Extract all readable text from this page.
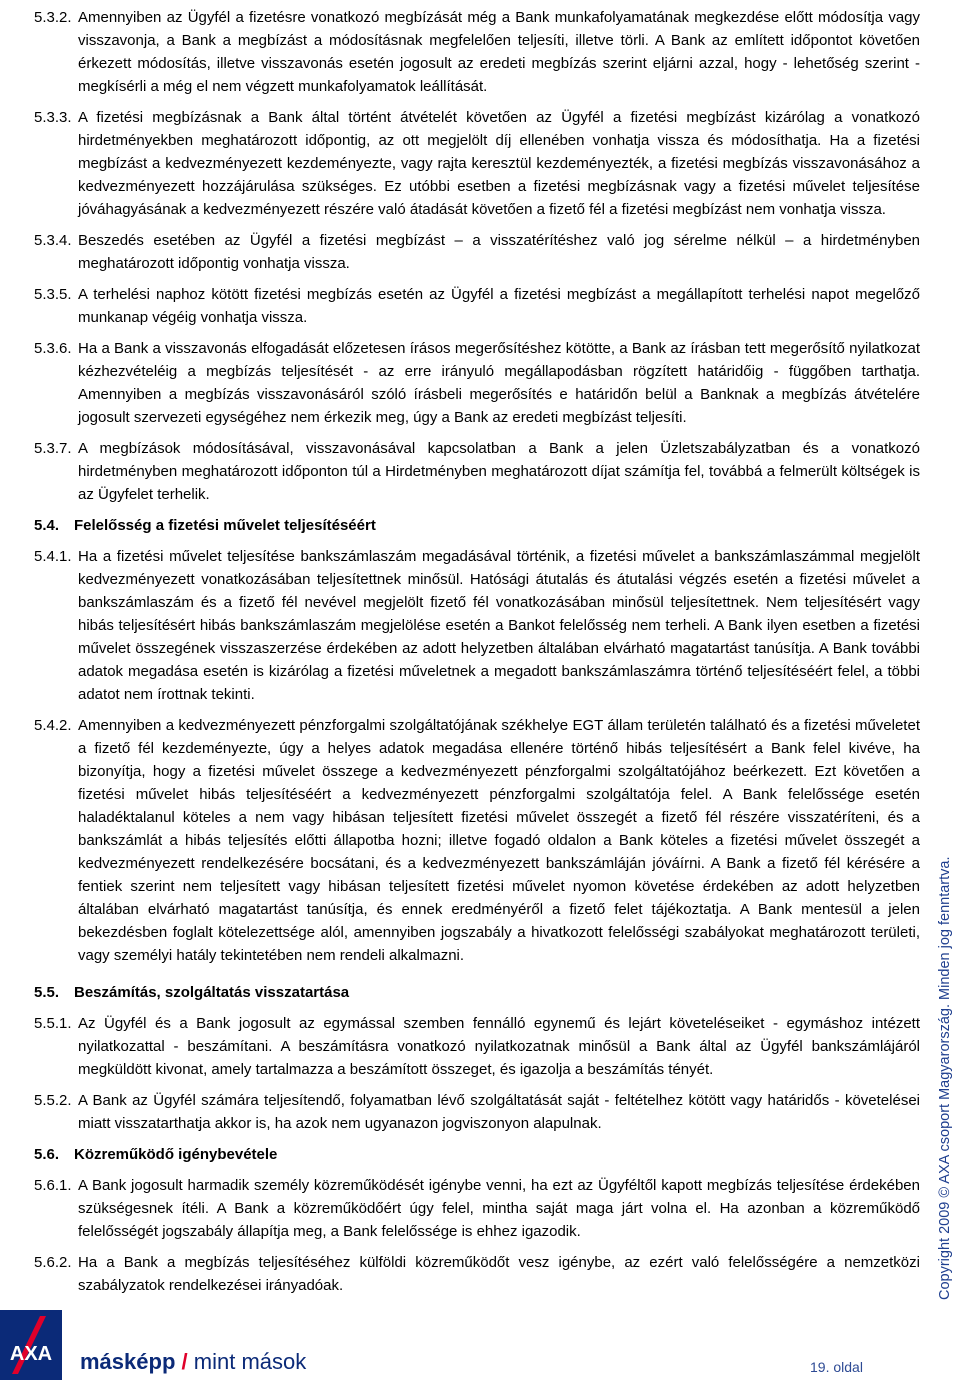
5.3.2. Amennyiben az Ügyfél a fizetésre vonatkozó megbízását még a Bank munkafolyamatának megkezdése előtt módosítja vagy visszavonja, a Bank a megbízást a módosításnak megfelelően teljesíti, illetve törli. A Bank az említett időpontot követően érkezett módosítás, illetve visszavonás esetén jogosult az eredeti megbízás szerint eljárni azzal, hogy - lehetőség szerint - megkísérli a még el nem végzett munkafolyamatok leállítását.
5.3.3. A fizetési megbízásnak a Bank által történt átvételét követően az Ügyfél a fizetési megbízást kizárólag a vonatkozó hirdetményekben meghatározott időpontig, az ott megjelölt díj ellenében vonhatja vissza és módosíthatja. Ha a fizetési megbízást a kedvezményezett kezdeményezte, vagy rajta keresztül kezdeményezték, a fizetési megbízás visszavonásához a kedvezményezett hozzájárulása szükséges. Ez utóbbi esetben a fizetési megbízásnak vagy a fizetési művelet teljesítése jóváhagyásának a kedvezményezett részére való átadását követően a fizető fél a fizetési megbízást nem vonhatja vissza.
5.3.4. Beszedés esetében az Ügyfél a fizetési megbízást – a visszatérítéshez való jog sérelme nélkül – a hirdetményben meghatározott időpontig vonhatja vissza.
5.3.5. A terhelési naphoz kötött fizetési megbízás esetén az Ügyfél a fizetési megbízást a megállapított terhelési napot megelőző munkanap végéig vonhatja vissza.
5.3.6. Ha a Bank a visszavonás elfogadását előzetesen írásos megerősítéshez kötötte, a Bank az írásban tett megerősítő nyilatkozat kézhezvételéig a megbízás teljesítését - az erre irányuló megállapodásban rögzített határidőig - függőben tarthatja. Amennyiben a megbízás visszavonásáról szóló írásbeli megerősítés e határidőn belül a Banknak a megbízás átvételére jogosult szervezeti egységéhez nem érkezik meg, úgy a Bank az eredeti megbízást teljesíti.
5.3.7. A megbízások módosításával, visszavonásával kapcsolatban a Bank a jelen Üzletszabályzatban és a vonatkozó hirdetményben meghatározott időponton túl a Hirdetményben meghatározott díjat számítja fel, továbbá a felmerült költségek is az Ügyfelet terhelik.
5.4. Felelősség a fizetési művelet teljesítéséért
5.4.1. Ha a fizetési művelet teljesítése bankszámlaszám megadásával történik, a fizetési művelet a bankszámlaszámmal megjelölt kedvezményezett vonatkozásában teljesítettnek minősül. Hatósági átutalás és átutalási végzés esetén a fizetési művelet a bankszámlaszám és a fizető fél nevével megjelölt fizető fél vonatkozásában minősül teljesítettnek. Nem teljesítésért vagy hibás teljesítésért hibás bankszámlaszám megjelölése esetén a Bankot felelősség nem terheli. A Bank ilyen esetben a fizetési művelet összegének visszaszerzése érdekében az adott helyzetben általában elvárható magatartást tanúsítja. A Bank további adatok megadása esetén is kizárólag a fizetési műveletnek a megadott bankszámlaszámra történő teljesítéséért felel, a többi adatot nem írottnak tekinti.
5.4.2. Amennyiben a kedvezményezett pénzforgalmi szolgáltatójának székhelye EGT állam területén található és a fizetési műveletet a fizető fél kezdeményezte, úgy a helyes adatok megadása ellenére történő hibás teljesítésért a Bank felel kivéve, ha bizonyítja, hogy a fizetési művelet összege a kedvezményezett pénzforgalmi szolgáltatójához beérkezett. Ezt követően a fizetési művelet hibás teljesítéséért a kedvezményezett pénzforgalmi szolgáltatója felel. A Bank felelőssége esetén haladéktalanul köteles a nem vagy hibásan teljesített fizetési művelet összegét a fizető fél részére visszatéríteni, és a bankszámlát a hibás teljesítés előtti állapotba hozni; illetve fogadó oldalon a Bank köteles a fizetési művelet összegét a kedvezményezett rendelkezésére bocsátani, és a kedvezményezett bankszámláján jóváírni. A Bank a fizető fél kérésére a fentiek szerint nem teljesített vagy hibásan teljesített fizetési művelet nyomon követése érdekében az adott helyzetben általában elvárható magatartást tanúsítja, és ennek eredményéről a fizető felet tájékoztatja. A Bank mentesül a jelen bekezdésben foglalt kötelezettsége alól, amennyiben jogszabály a hivatkozott felelősségi szabályokat meghatározott területi, vagy személyi hatály tekintetében nem rendeli alkalmazni.
5.5. Beszámítás, szolgáltatás visszatartása
5.5.1. Az Ügyfél és a Bank jogosult az egymással szemben fennálló egynemű és lejárt követeléseiket - egymáshoz intézett nyilatkozattal - beszámítani. A beszámításra vonatkozó nyilatkozatnak minősül a Bank által az Ügyfél bankszámlájáról megküldött kivonat, amely tartalmazza a beszámított összeget, és igazolja a beszámítás tényét.
5.5.2. A Bank az Ügyfél számára teljesítendő, folyamatban lévő szolgáltatását saját - feltételhez kötött vagy határidős - követelései miatt visszatarthatja akkor is, ha azok nem ugyanazon jogviszonyon alapulnak.
5.6. Közreműködő igénybevétele
5.6.1. A Bank jogosult harmadik személy közreműködését igénybe venni, ha ezt az Ügyféltől kapott megbízás teljesítése érdekében szükségesnek ítéli. A Bank a közreműködőért úgy felel, mintha saját maga járt volna el. Ha azonban a közreműködő felelősségét jogszabály állapítja meg, a Bank felelőssége is ehhez igazodik.
5.6.2. Ha a Bank a megbízás teljesítéséhez külföldi közreműködőt vesz igénybe, az ezért való felelősségére a nemzetközi szabályzatok rendelkezései irányadóak.	Copyright 2009 © AXA csoport Magyarország. Minden jog fenntartva.
AXA másképp / mint mások	19. oldal
